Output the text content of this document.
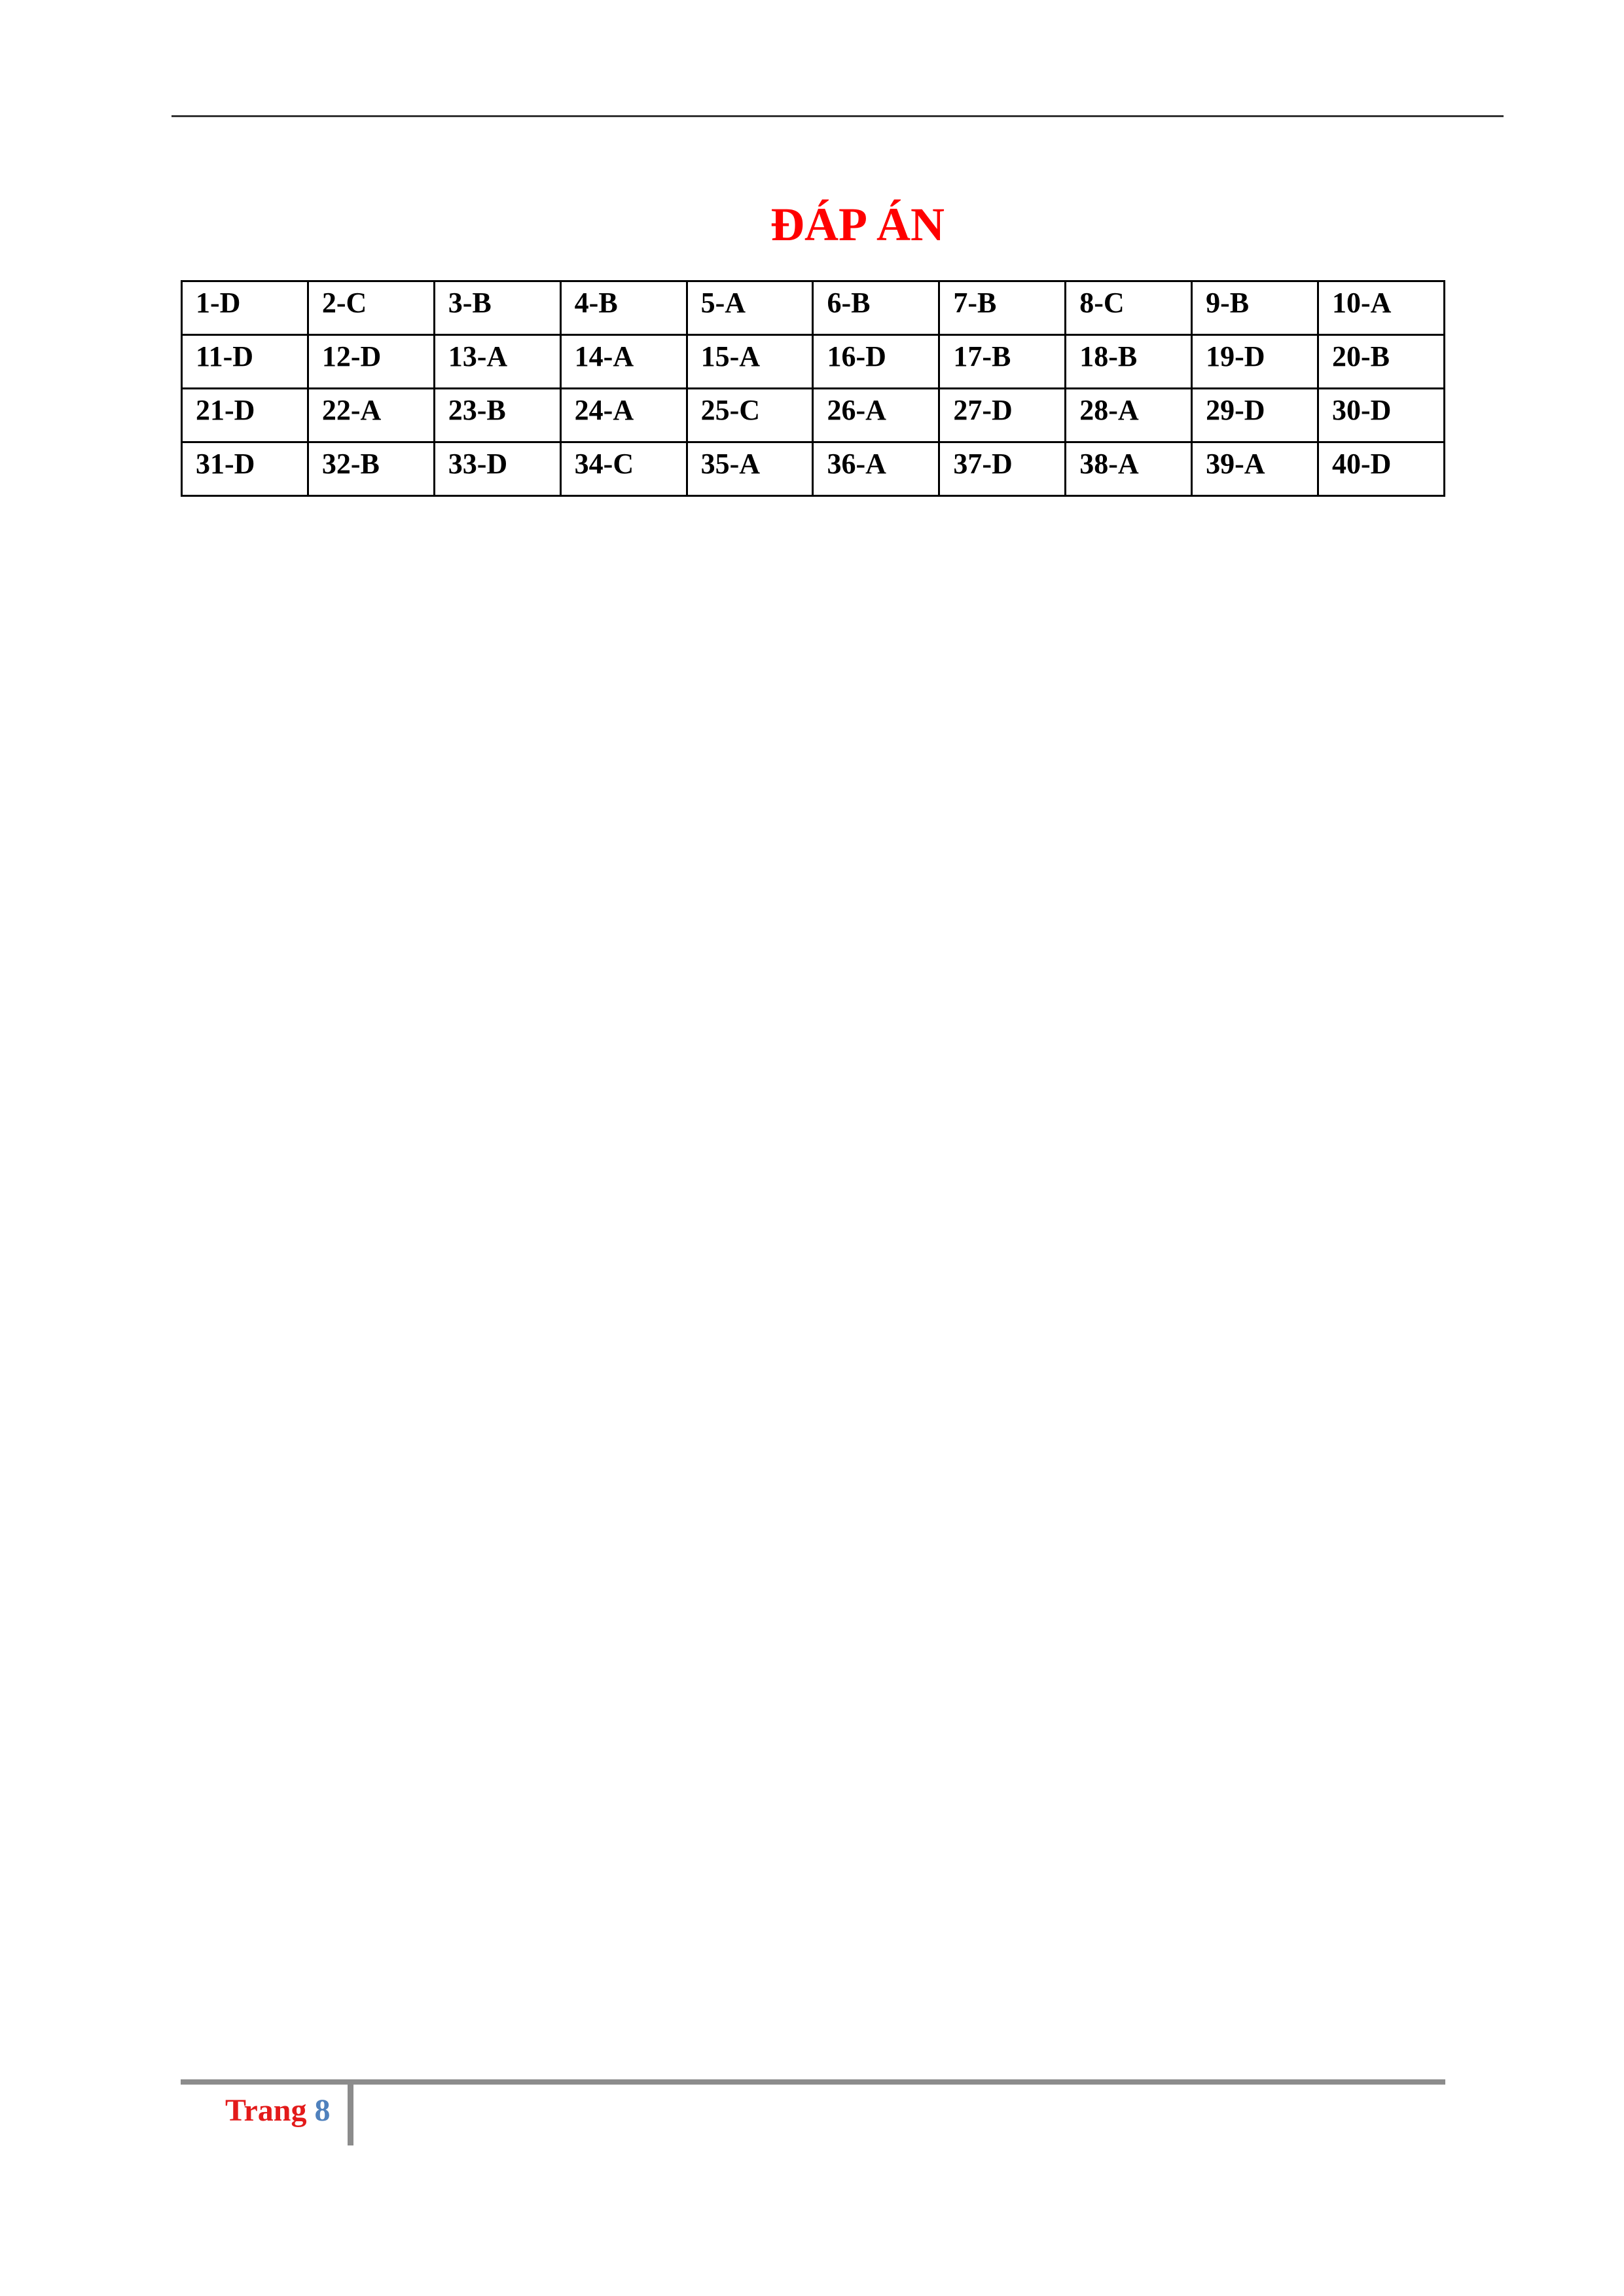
ĐÁP ÁN
1-D	2-C	3-B	4-B	5-A	6-B	7-B	8-C	9-B	10-A
11-D	12-D	13-A	14-A	15-A	16-D	17-B	18-B	19-D	20-B
21-D	22-A	23-B	24-A	25-C	26-A	27-D	28-A	29-D	30-D
31-D	32-B	33-D	34-C	35-A	36-A	37-D	38-A	39-A	40-D
Trang 8
